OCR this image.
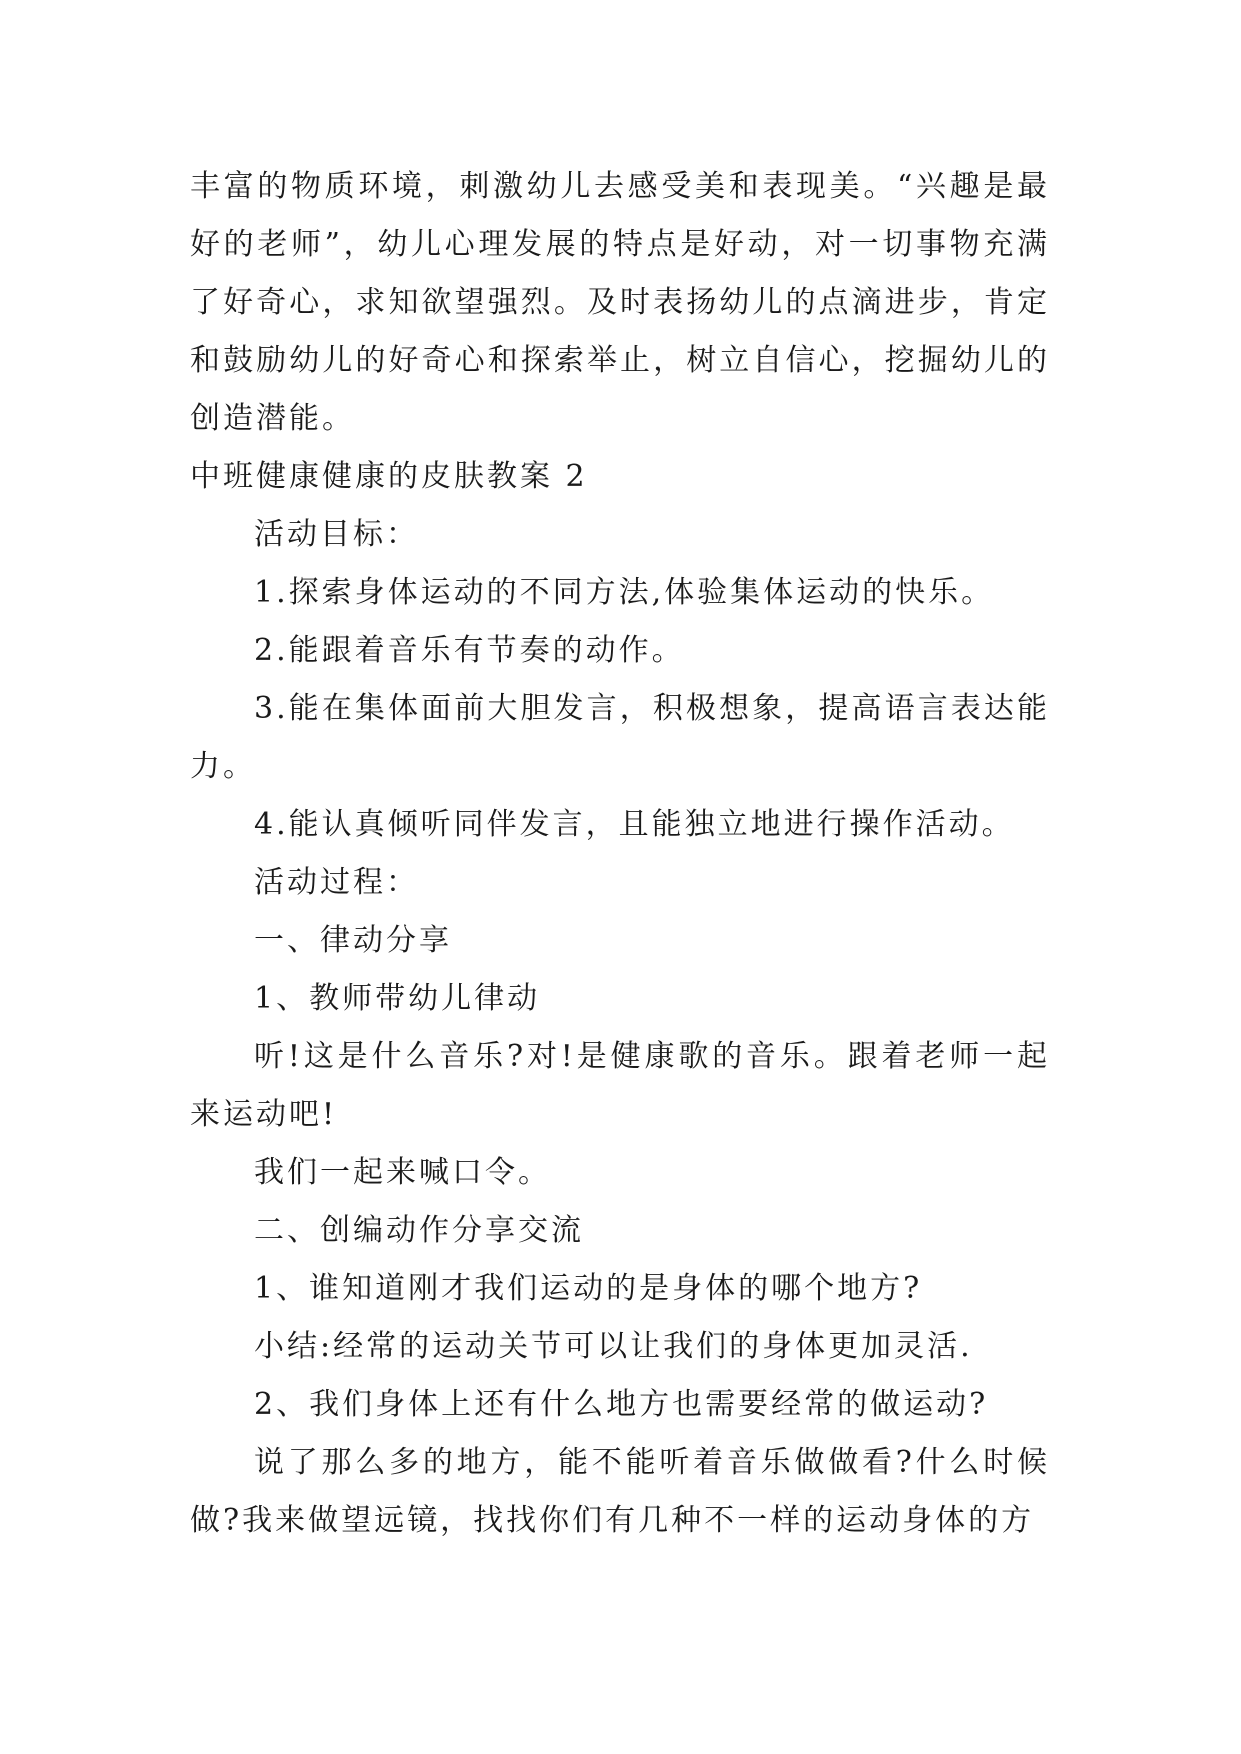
丰富的物质环境，刺激幼儿去感受美和表现美。“兴趣是最好的老师”，幼儿心理发展的特点是好动，对一切事物充满了好奇心，求知欲望强烈。及时表扬幼儿的点滴进步，肯定和鼓励幼儿的好奇心和探索举止，树立自信心，挖掘幼儿的创造潜能。

中班健康健康的皮肤教案 2

活动目标：

1.探索身体运动的不同方法,体验集体运动的快乐。

2.能跟着音乐有节奏的动作。

3.能在集体面前大胆发言，积极想象，提高语言表达能力。

4.能认真倾听同伴发言，且能独立地进行操作活动。

活动过程：

一、律动分享

1、教师带幼儿律动

听!这是什么音乐?对!是健康歌的音乐。跟着老师一起来运动吧!

我们一起来喊口令。

二、创编动作分享交流

1、谁知道刚才我们运动的是身体的哪个地方?

小结:经常的运动关节可以让我们的身体更加灵活.

2、我们身体上还有什么地方也需要经常的做运动?

说了那么多的地方，能不能听着音乐做做看?什么时候做?我来做望远镜，找找你们有几种不一样的运动身体的方
